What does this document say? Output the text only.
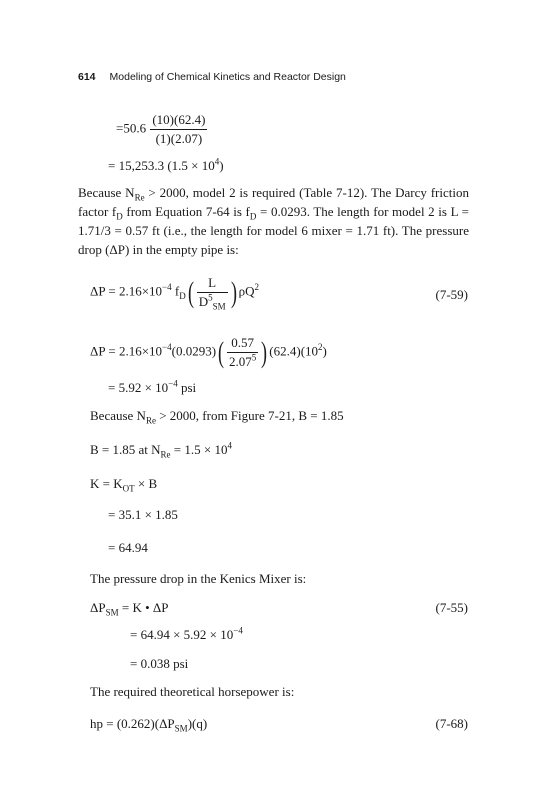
614 Modeling of Chemical Kinetics and Reactor Design
$=50.6 \frac{(10)(62.4)}{(1)(2.07)}$
= 15,253.3 $(1.5 \times 10^4)$
Because $N_{Re} > 2000$, model 2 is required (Table 7-12). The Darcy friction factor $f_D$ from Equation 7-64 is $f_D = 0.0293$. The length for model 2 is L = 1.71/3 = 0.57 ft (i.e., the length for model 6 mixer = 1.71 ft). The pressure drop (ΔP) in the empty pipe is:
$\Delta P = 2.16\times 10^{-4}$ $f_D( \frac{L}{D^5_{SM}}$ ) $\rho Q^2$	(7-59)
$\Delta P = 2.16\times 10^{-4}(0.0293)( \frac{0.57}{2.07^5}$ ) $(62.4)(10^2)$
= $5.92 \times 10^{-4}$ psi
Because $N_{Re} > 2000$, from Figure 7-21, B = 1.85
B = 1.85 at $N_{Re} = 1.5 \times 10^4$
$K = K_{OT} \times B$
= 35.1 × 1.85
= 64.94
The pressure drop in the Kenics Mixer is:
$\Delta P_{SM} = K$ • ΔP	(7-55)
= $64.94 \times 5.92 \times 10^{-4}$
= 0.038 psi
The required theoretical horsepower is:
hp = $(0.262)(\Delta P_{SM})(q)$	(7-68)
